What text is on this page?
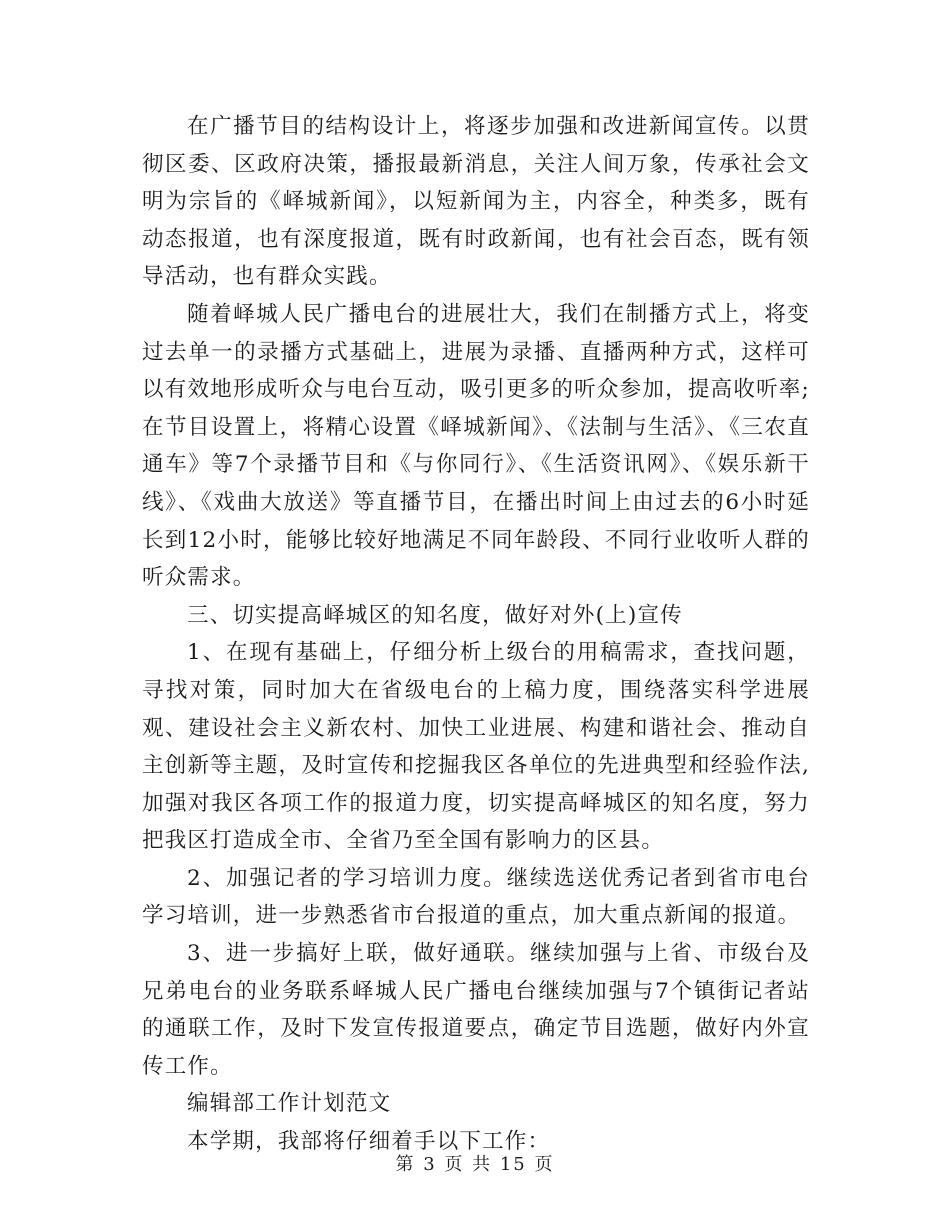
在广播节目的结构设计上，将逐步加强和改进新闻宣传。以贯彻区委、区政府决策，播报最新消息，关注人间万象，传承社会文明为宗旨的《峄城新闻》，以短新闻为主，内容全，种类多，既有动态报道，也有深度报道，既有时政新闻，也有社会百态，既有领导活动，也有群众实践。

随着峄城人民广播电台的进展壮大，我们在制播方式上，将变过去单一的录播方式基础上，进展为录播、直播两种方式，这样可以有效地形成听众与电台互动，吸引更多的听众参加，提高收听率;在节目设置上，将精心设置《峄城新闻》、《法制与生活》、《三农直通车》等7个录播节目和《与你同行》、《生活资讯网》、《娱乐新干线》、《戏曲大放送》等直播节目，在播出时间上由过去的6小时延长到12小时，能够比较好地满足不同年龄段、不同行业收听人群的听众需求。

三、切实提高峄城区的知名度，做好对外(上)宣传

1、在现有基础上，仔细分析上级台的用稿需求，查找问题，寻找对策，同时加大在省级电台的上稿力度，围绕落实科学进展观、建设社会主义新农村、加快工业进展、构建和谐社会、推动自主创新等主题，及时宣传和挖掘我区各单位的先进典型和经验作法,加强对我区各项工作的报道力度，切实提高峄城区的知名度，努力把我区打造成全市、全省乃至全国有影响力的区县。

2、加强记者的学习培训力度。继续选送优秀记者到省市电台学习培训，进一步熟悉省市台报道的重点，加大重点新闻的报道。

3、进一步搞好上联，做好通联。继续加强与上省、市级台及兄弟电台的业务联系峄城人民广播电台继续加强与7个镇街记者站的通联工作，及时下发宣传报道要点，确定节目选题，做好内外宣传工作。

编辑部工作计划范文

本学期，我部将仔细着手以下工作：

第 3 页 共 15 页
